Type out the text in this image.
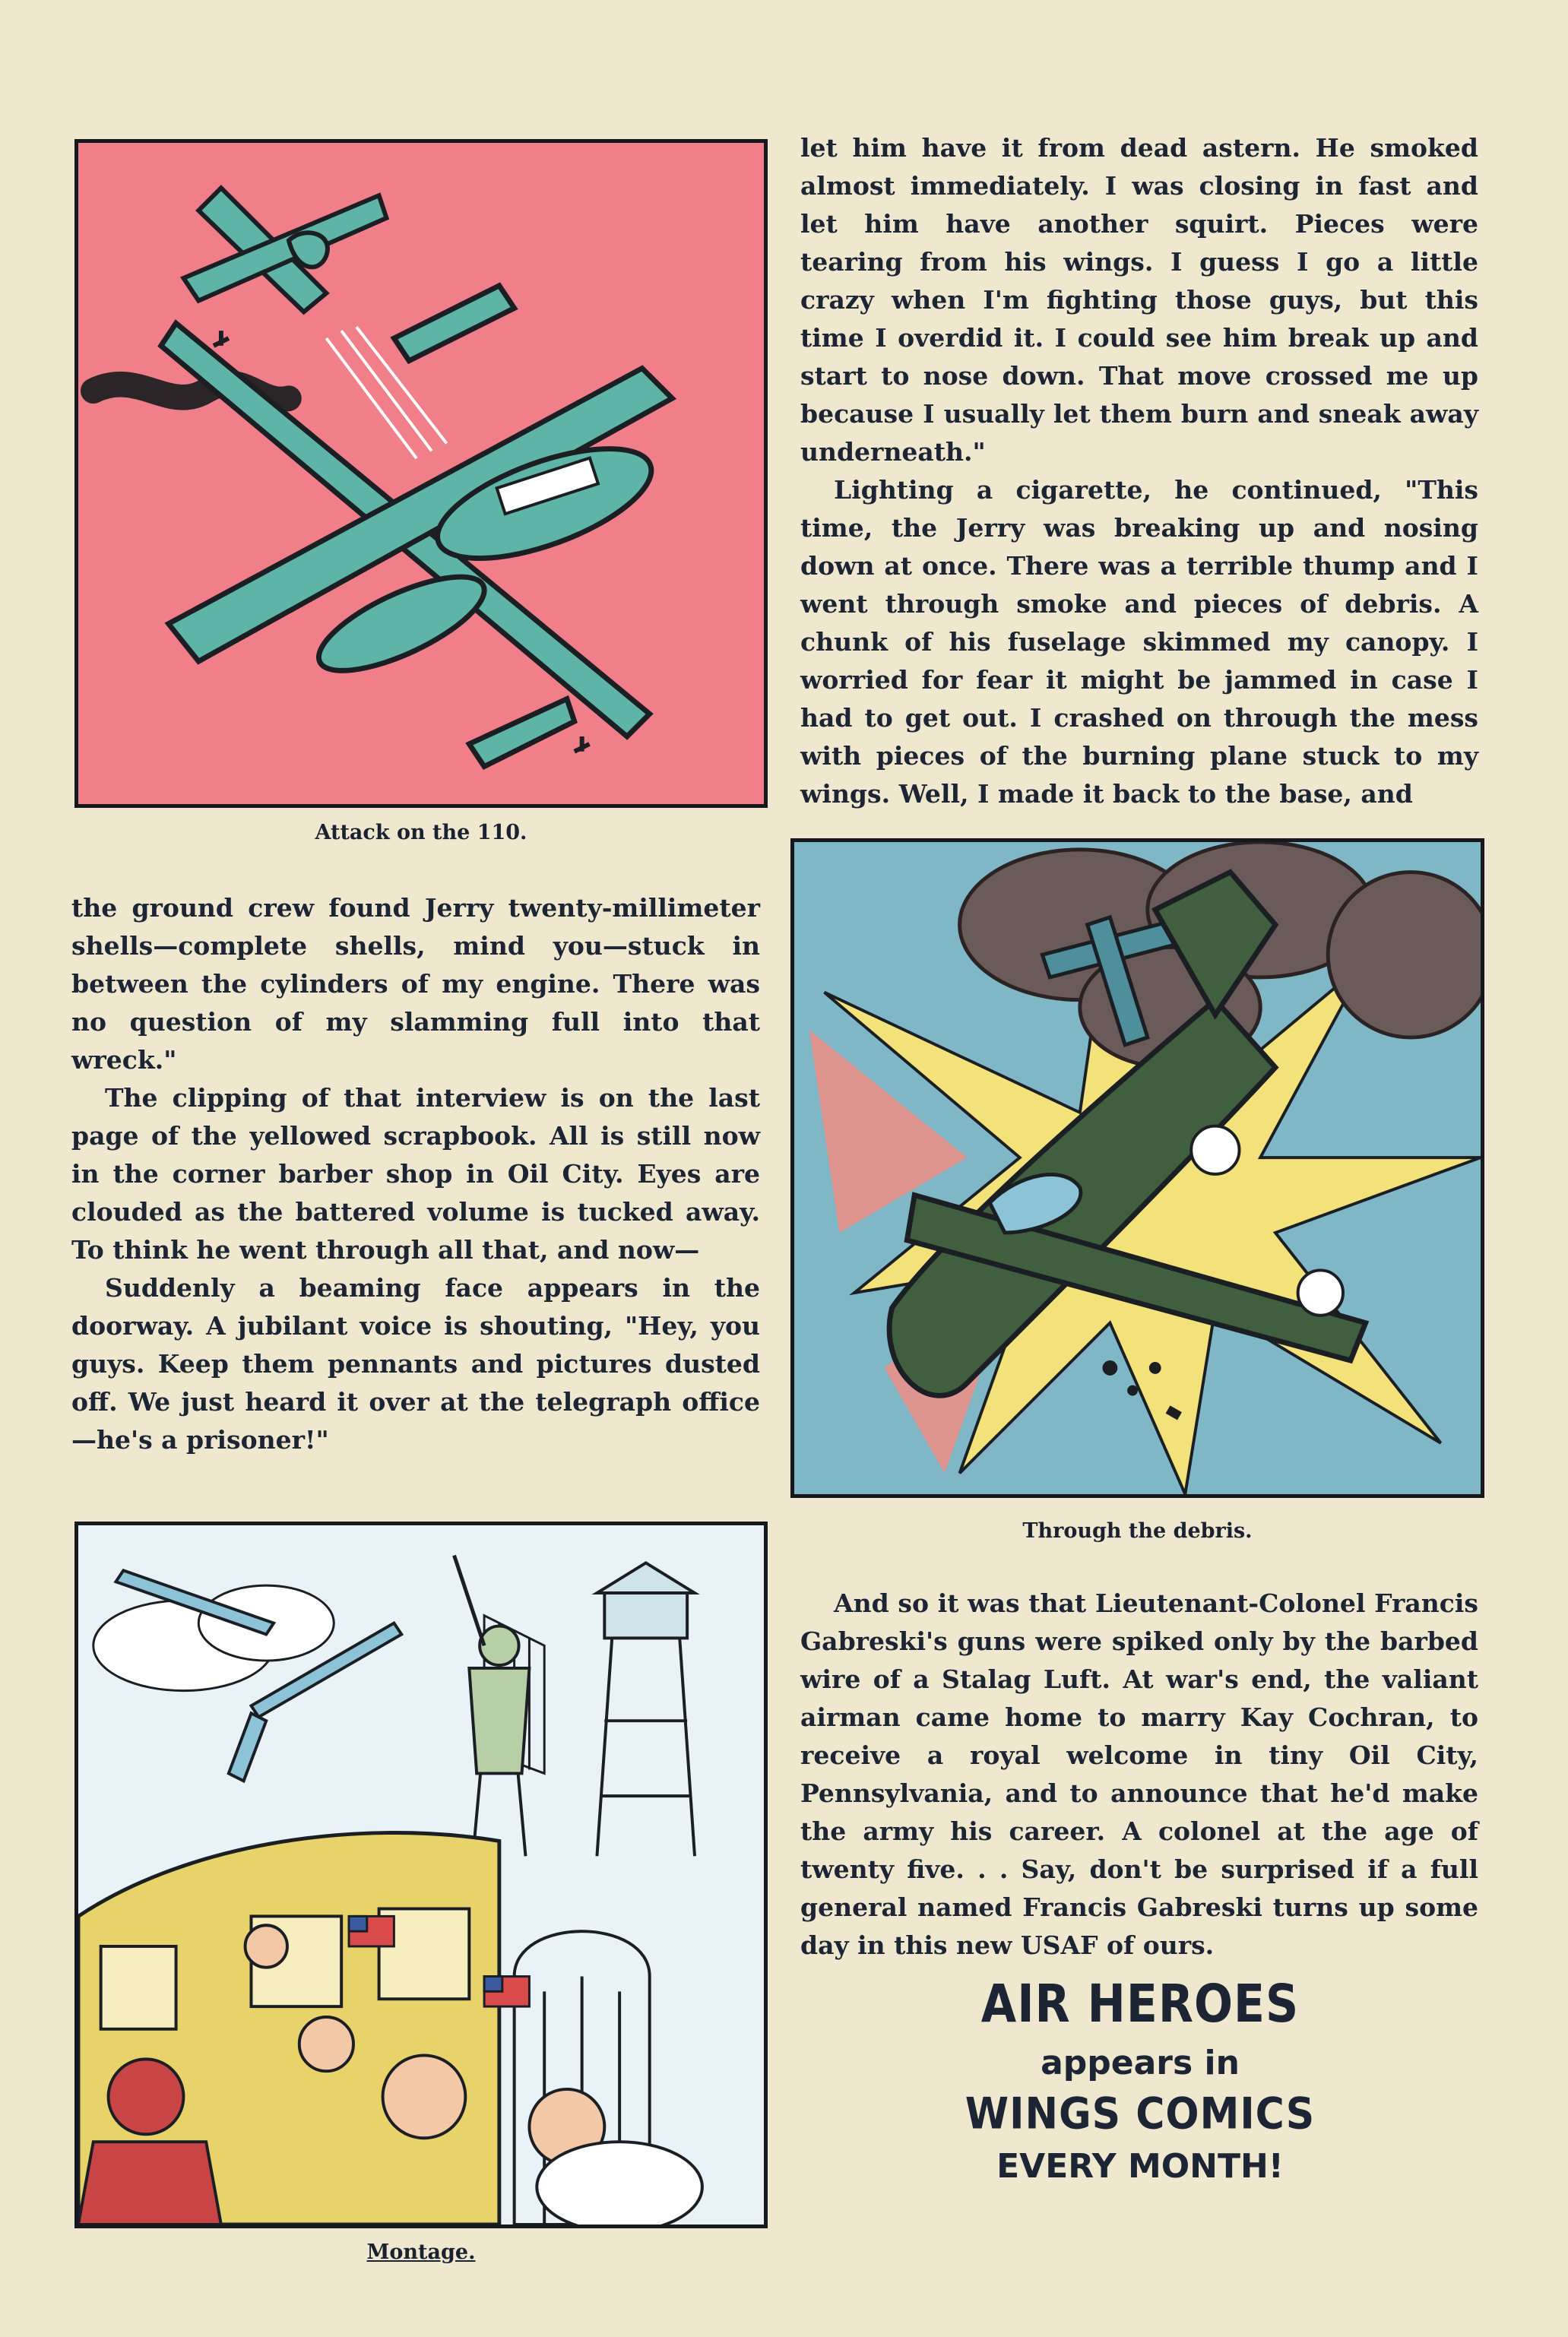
Attack on the 110.

let him have it from dead astern. He smoked almost immediately. I was closing in fast and let him have another squirt. Pieces were tearing from his wings. I guess I go a little crazy when I'm fighting those guys, but this time I overdid it. I could see him break up and start to nose down. That move crossed me up because I usually let them burn and sneak away underneath."

Lighting a cigarette, he continued, "This time, the Jerry was breaking up and nosing down at once. There was a terrible thump and I went through smoke and pieces of debris. A chunk of his fuselage skimmed my canopy. I worried for fear it might be jammed in case I had to get out. I crashed on through the mess with pieces of the burning plane stuck to my wings. Well, I made it back to the base, and

the ground crew found Jerry twenty-millimeter shells—complete shells, mind you—stuck in between the cylinders of my engine. There was no question of my slamming full into that wreck."

The clipping of that interview is on the last page of the yellowed scrapbook. All is still now in the corner barber shop in Oil City. Eyes are clouded as the battered volume is tucked away. To think he went through all that, and now—

Suddenly a beaming face appears in the doorway. A jubilant voice is shouting, "Hey, you guys. Keep them pennants and pictures dusted off. We just heard it over at the telegraph office—he's a prisoner!"

Through the debris.
Montage.

And so it was that Lieutenant-Colonel Francis Gabreski's guns were spiked only by the barbed wire of a Stalag Luft. At war's end, the valiant airman came home to marry Kay Cochran, to receive a royal welcome in tiny Oil City, Pennsylvania, and to announce that he'd make the army his career. A colonel at the age of twenty five. . . Say, don't be surprised if a full general named Francis Gabreski turns up some day in this new USAF of ours.

AIR HEROES
appears in
WINGS COMICS
EVERY MONTH!
